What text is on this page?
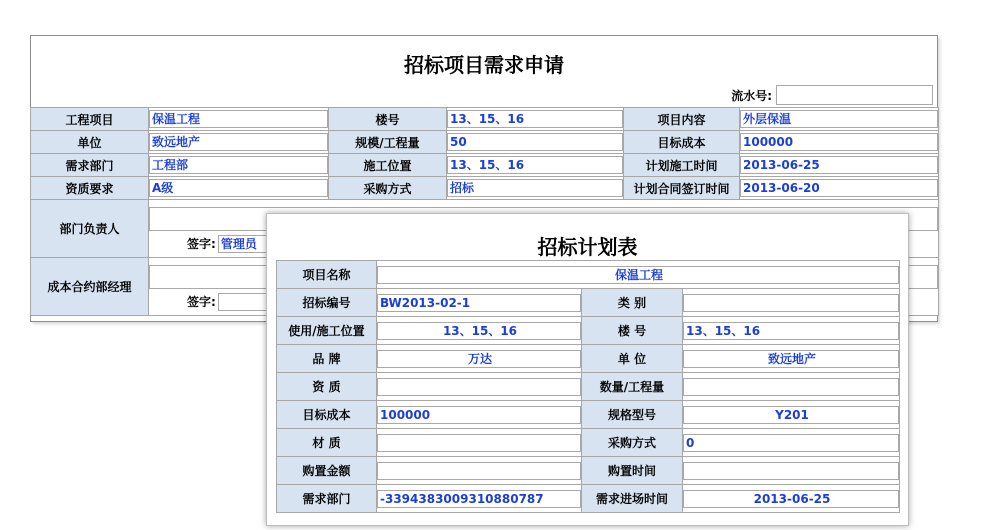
招标项目需求申请
流水号:
工程项目	保温工程	楼号	13、15、16	项目内容	外层保温

单位	致远地产	规模/工程量	50	目标成本	100000

需求部门	工程部	施工位置	13、15、16	计划施工时间	2013-06-25

资质要求	A级	采购方式	招标	计划合同签订时间	2013-06-20

部门负责人	签字: 管理员				

成本合约部经理	签字:				
招标计划表
项目名称	保温工程		

招标编号	BW2013-02-1	类 别	

使用/施工位置	13、15、16	楼 号	13、15、16

品 牌	万达	单 位	致远地产

资 质		数量/工程量	

目标成本	100000	规格型号	Y201

材 质		采购方式	0

购置金额		购置时间	

需求部门	-3394383009310880787	需求进场时间	2013-06-25
